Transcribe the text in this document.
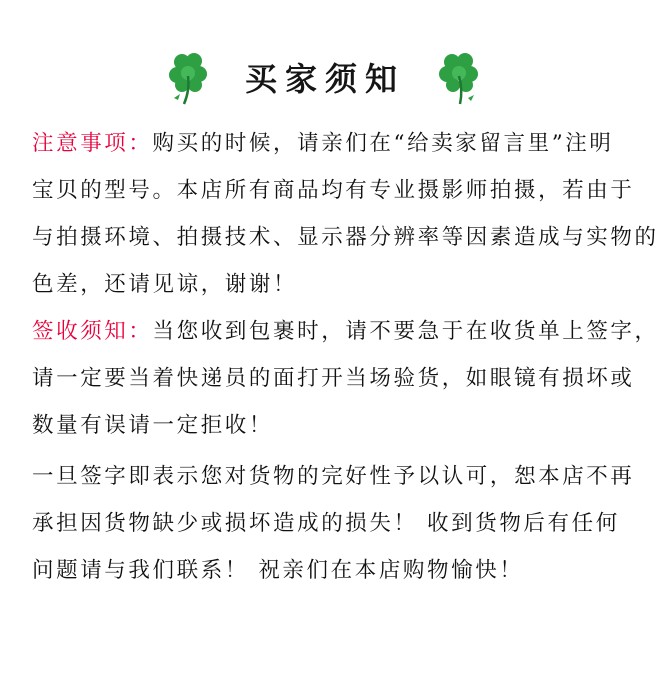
买家须知
注意事项：购买的时候，请亲们在“给卖家留言里”注明
宝贝的型号。本店所有商品均有专业摄影师拍摄，若由于
与拍摄环境、拍摄技术、显示器分辨率等因素造成与实物的
色差，还请见谅，谢谢！
签收须知：当您收到包裹时，请不要急于在收货单上签字，
请一定要当着快递员的面打开当场验货，如眼镜有损坏或
数量有误请一定拒收！
一旦签字即表示您对货物的完好性予以认可，恕本店不再
承担因货物缺少或损坏造成的损失！ 收到货物后有任何
问题请与我们联系！ 祝亲们在本店购物愉快！
